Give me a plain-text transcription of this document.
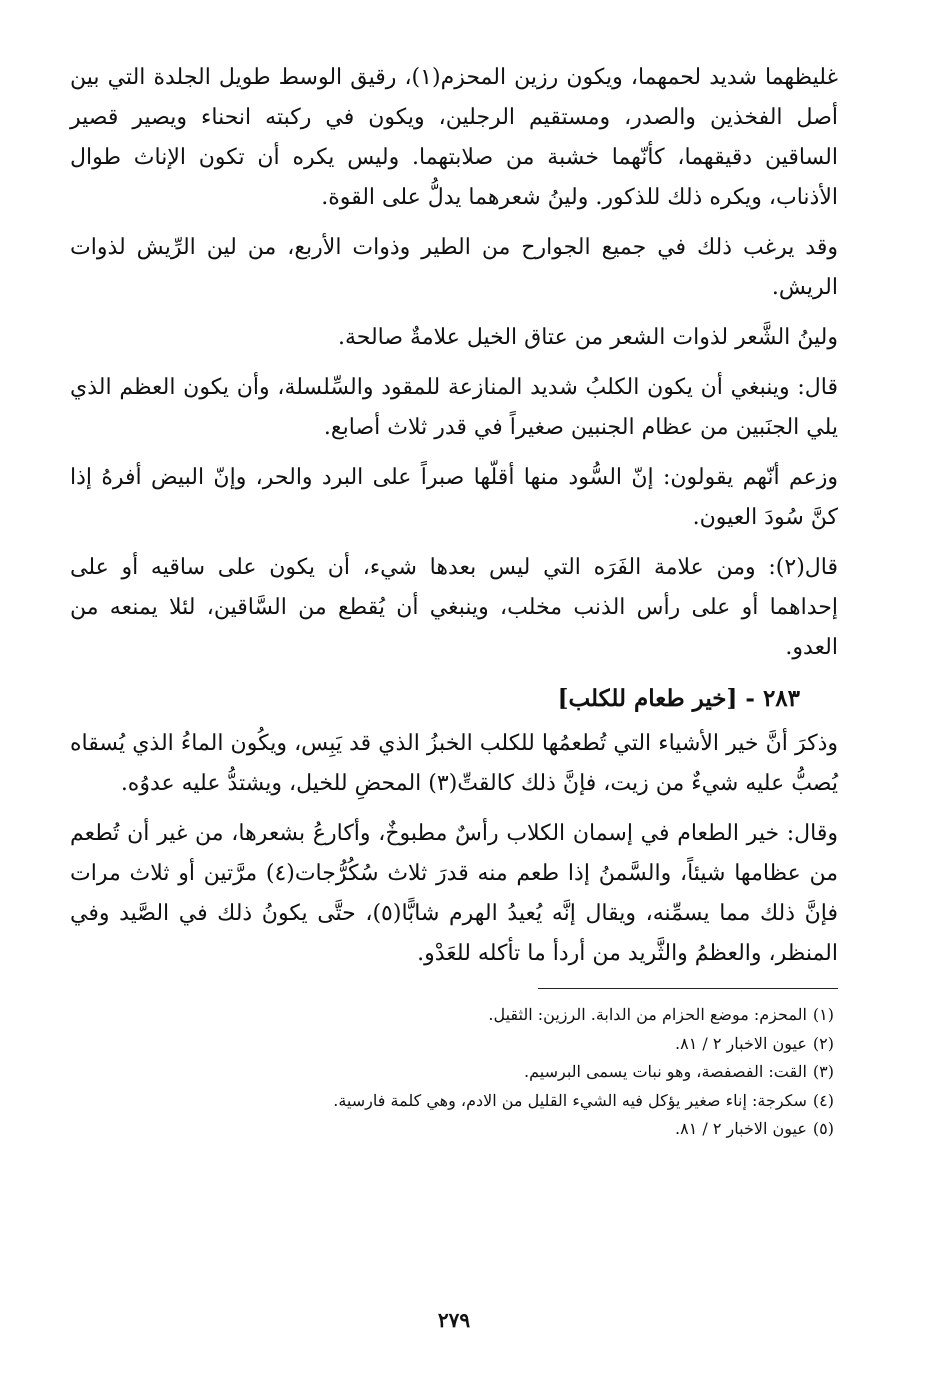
غليظهما شديد لحمهما، ويكون رزين المحزم(١)، رقيق الوسط طويل الجلدة التي بين أصل الفخذين والصدر، ومستقيم الرجلين، ويكون في ركبته انحناء ويصير قصير الساقين دقيقهما، كأنّهما خشبة من صلابتهما. وليس يكره أن تكون الإناث طوال الأذناب، ويكره ذلك للذكور. ولينُ شعرهما يدلُّ على القوة.

وقد يرغب ذلك في جميع الجوارح من الطير وذوات الأربع، من لين الرِّيش لذوات الريش.

ولينُ الشَّعر لذوات الشعر من عتاق الخيل علامةٌ صالحة.

قال: وينبغي أن يكون الكلبُ شديد المنازعة للمقود والسِّلسلة، وأن يكون العظم الذي يلي الجنَبين من عظام الجنبين صغيراً في قدر ثلاث أصابع.

وزعم أنّهم يقولون: إنّ السُّود منها أقلّها صبراً على البرد والحر، وإنّ البيض أفرهُ إذا كنَّ سُودَ العيون.

قال(٢): ومن علامة الفَرَه التي ليس بعدها شيء، أن يكون على ساقيه أو على إحداهما أو على رأس الذنب مخلب، وينبغي أن يُقطع من السَّاقين، لئلا يمنعه من العدو.

٢٨٣ - [خير طعام للكلب]

وذكرَ أنَّ خير الأشياء التي تُطعمُها للكلب الخبزُ الذي قد يَبِس، ويكُون الماءُ الذي يُسقاه يُصبُّ عليه شيءٌ من زيت، فإنَّ ذلك كالقتِّ(٣) المحضِ للخيل، ويشتدُّ عليه عدوُه.

وقال: خير الطعام في إسمان الكلاب رأسٌ مطبوخٌ، وأكارعُ بشعرها، من غير أن تُطعم من عظامها شيئاً، والسَّمنُ إذا طعم منه قدرَ ثلاث سُكُرُّجات(٤) مرَّتين أو ثلاث مرات فإنَّ ذلك مما يسمِّنه، ويقال إنَّه يُعيدُ الهرم شابًّا(٥)، حتَّى يكونُ ذلك في الصَّيد وفي المنظر، والعظمُ والثَّريد من أردأ ما تأكله للعَدْو.

(١)المحزم: موضع الحزام من الدابة. الرزين: الثقيل.
(٢)عيون الاخبار ٢ / ٨١.
(٣)القت: الفصفصة، وهو نبات يسمى البرسيم.
(٤)سكرجة: إناء صغير يؤكل فيه الشيء القليل من الادم، وهي كلمة فارسية.
(٥)عيون الاخبار ٢ / ٨١.
٢٧٩
